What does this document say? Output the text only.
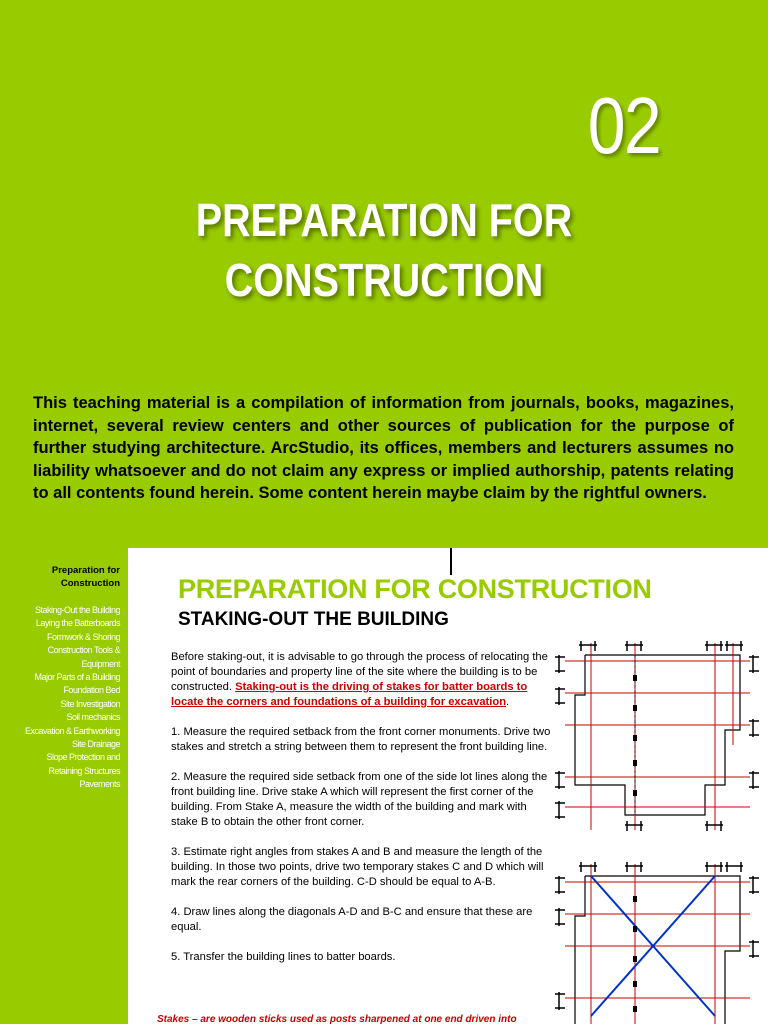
02
PREPARATION FOR
CONSTRUCTION
This teaching material is a compilation of information from journals, books, magazines, internet, several review centers and other sources of publication for the purpose of further studying architecture. ArcStudio, its offices, members and lecturers assumes no liability whatsoever and do not claim any express or implied authorship, patents relating to all contents found herein. Some content herein maybe claim by the rightful owners.
Preparation for
Construction
Staking-Out the Building
Laying the Batterboards
Formwork & Shoring
Construction Tools &
Equipment
Major Parts of a Building
Foundation Bed
Site Investigation
Soil mechanics
Excavation & Earthworking
Site Drainage
Slope Protection and
Retaining Structures
Pavements
PREPARATION FOR CONSTRUCTION
STAKING-OUT THE BUILDING

Before staking-out, it is advisable to go through the process of relocating the point of boundaries and property line of the site where the building is to be constructed. Staking-out is the driving of stakes for batter boards to locate the corners and foundations of a building for excavation.

1. Measure the required setback from the front corner monuments. Drive two stakes and stretch a string between them to represent the front building line.

2. Measure the required side setback from one of the side lot lines along the front building line. Drive stake A which will represent the first corner of the building. From Stake A, measure the width of the building and mark with stake B to obtain the other front corner.

3. Estimate right angles from stakes A and B and measure the length of the building. In those two points, drive two temporary stakes C and D which will mark the rear corners of the building. C-D should be equal to A-B.

4. Draw lines along the diagonals A-D and B-C and ensure that these are equal.

5. Transfer the building lines to batter boards.

Stakes – are wooden sticks used as posts sharpened at one end driven into
